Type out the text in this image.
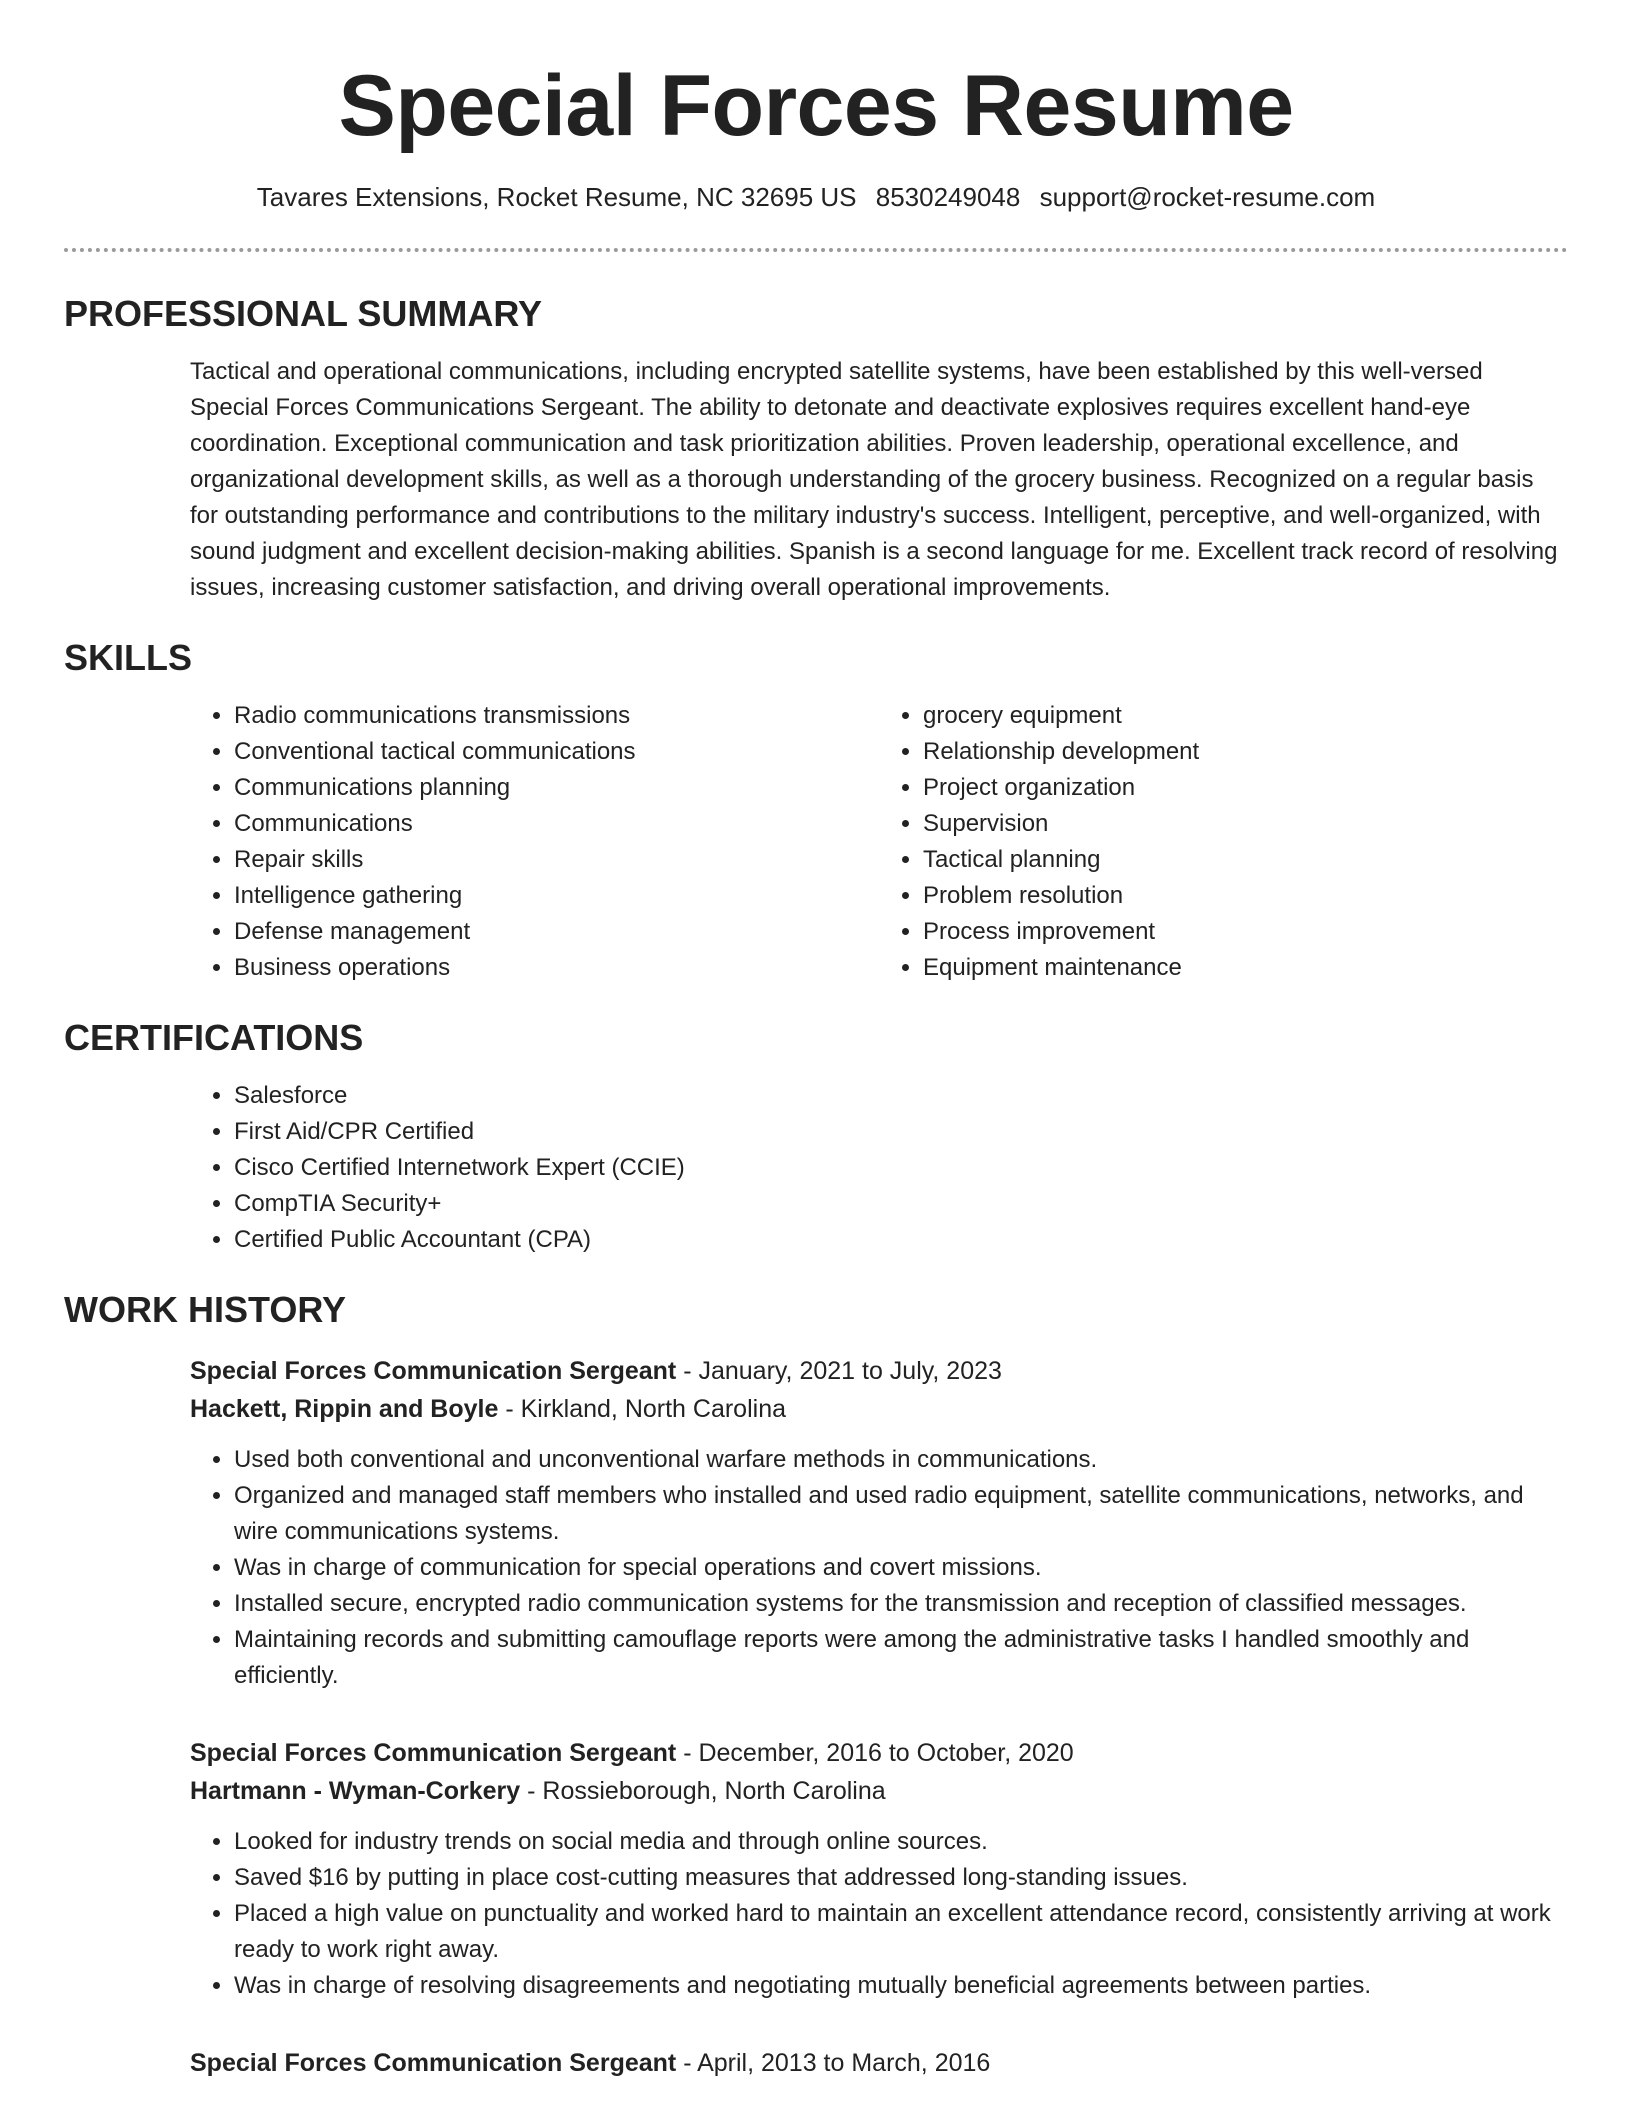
Special Forces Resume
Tavares Extensions, Rocket Resume, NC 32695 US 8530249048 support@rocket-resume.com
PROFESSIONAL SUMMARY

Tactical and operational communications, including encrypted satellite systems, have been established by this well-versed Special Forces Communications Sergeant. The ability to detonate and deactivate explosives requires excellent hand-eye coordination. Exceptional communication and task prioritization abilities. Proven leadership, operational excellence, and organizational development skills, as well as a thorough understanding of the grocery business. Recognized on a regular basis for outstanding performance and contributions to the military industry's success. Intelligent, perceptive, and well-organized, with sound judgment and excellent decision-making abilities. Spanish is a second language for me. Excellent track record of resolving issues, increasing customer satisfaction, and driving overall operational improvements.

SKILLS
• Radio communications transmissions
• Conventional tactical communications
• Communications planning
• Communications
• Repair skills
• Intelligence gathering
• Defense management
• Business operations
• grocery equipment
• Relationship development
• Project organization
• Supervision
• Tactical planning
• Problem resolution
• Process improvement
• Equipment maintenance
CERTIFICATIONS
• Salesforce
• First Aid/CPR Certified
• Cisco Certified Internetwork Expert (CCIE)
• CompTIA Security+
• Certified Public Accountant (CPA)
WORK HISTORY

Special Forces Communication Sergeant - January, 2021 to July, 2023

Hackett, Rippin and Boyle - Kirkland, North Carolina

• Used both conventional and unconventional warfare methods in communications.
• Organized and managed staff members who installed and used radio equipment, satellite communications, networks, and wire communications systems.
• Was in charge of communication for special operations and covert missions.
• Installed secure, encrypted radio communication systems for the transmission and reception of classified messages.
• Maintaining records and submitting camouflage reports were among the administrative tasks I handled smoothly and efficiently.

Special Forces Communication Sergeant - December, 2016 to October, 2020

Hartmann - Wyman-Corkery - Rossieborough, North Carolina

• Looked for industry trends on social media and through online sources.
• Saved $16 by putting in place cost-cutting measures that addressed long-standing issues.
• Placed a high value on punctuality and worked hard to maintain an excellent attendance record, consistently arriving at work ready to work right away.
• Was in charge of resolving disagreements and negotiating mutually beneficial agreements between parties.

Special Forces Communication Sergeant - April, 2013 to March, 2016
